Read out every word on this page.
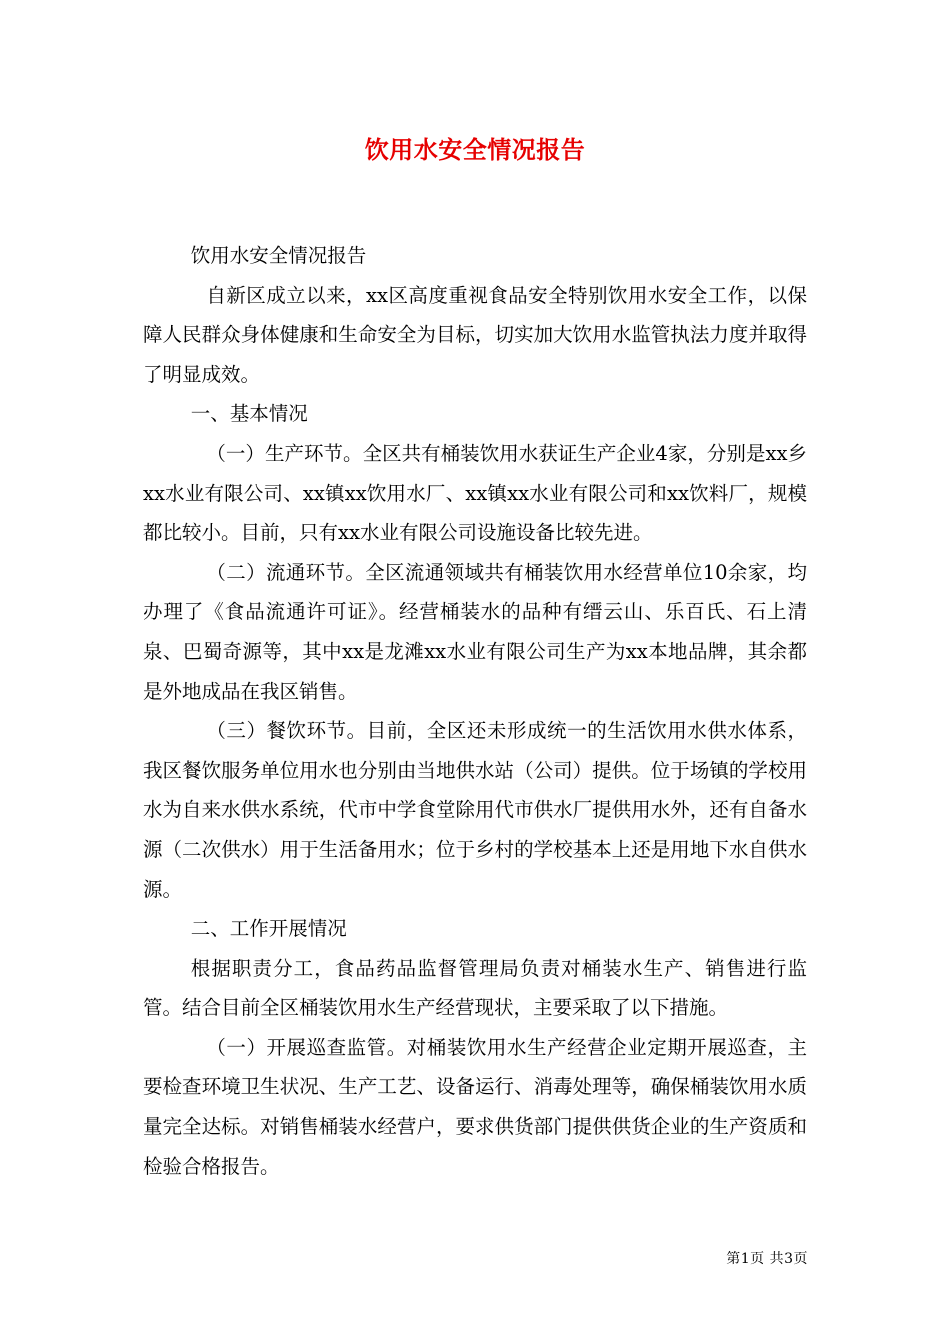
饮用水安全情况报告

饮用水安全情况报告

自新区成立以来，xx区高度重视食品安全特别饮用水安全工作，以保障人民群众身体健康和生命安全为目标，切实加大饮用水监管执法力度并取得了明显成效。

一、基本情况

（一）生产环节。全区共有桶装饮用水获证生产企业4家，分别是xx乡xx水业有限公司、xx镇xx饮用水厂、xx镇xx水业有限公司和xx饮料厂，规模都比较小。目前，只有xx水业有限公司设施设备比较先进。

（二）流通环节。全区流通领域共有桶装饮用水经营单位10余家，均办理了《食品流通许可证》。经营桶装水的品种有缙云山、乐百氏、石上清泉、巴蜀奇源等，其中xx是龙滩xx水业有限公司生产为xx本地品牌，其余都是外地成品在我区销售。

（三）餐饮环节。目前，全区还未形成统一的生活饮用水供水体系，我区餐饮服务单位用水也分别由当地供水站（公司）提供。位于场镇的学校用水为自来水供水系统，代市中学食堂除用代市供水厂提供用水外，还有自备水源（二次供水）用于生活备用水；位于乡村的学校基本上还是用地下水自供水源。

二、工作开展情况

根据职责分工，食品药品监督管理局负责对桶装水生产、销售进行监管。结合目前全区桶装饮用水生产经营现状，主要采取了以下措施。

（一）开展巡查监管。对桶装饮用水生产经营企业定期开展巡查，主要检查环境卫生状况、生产工艺、设备运行、消毒处理等，确保桶装饮用水质量完全达标。对销售桶装水经营户，要求供货部门提供供货企业的生产资质和检验合格报告。

第1页 共3页
